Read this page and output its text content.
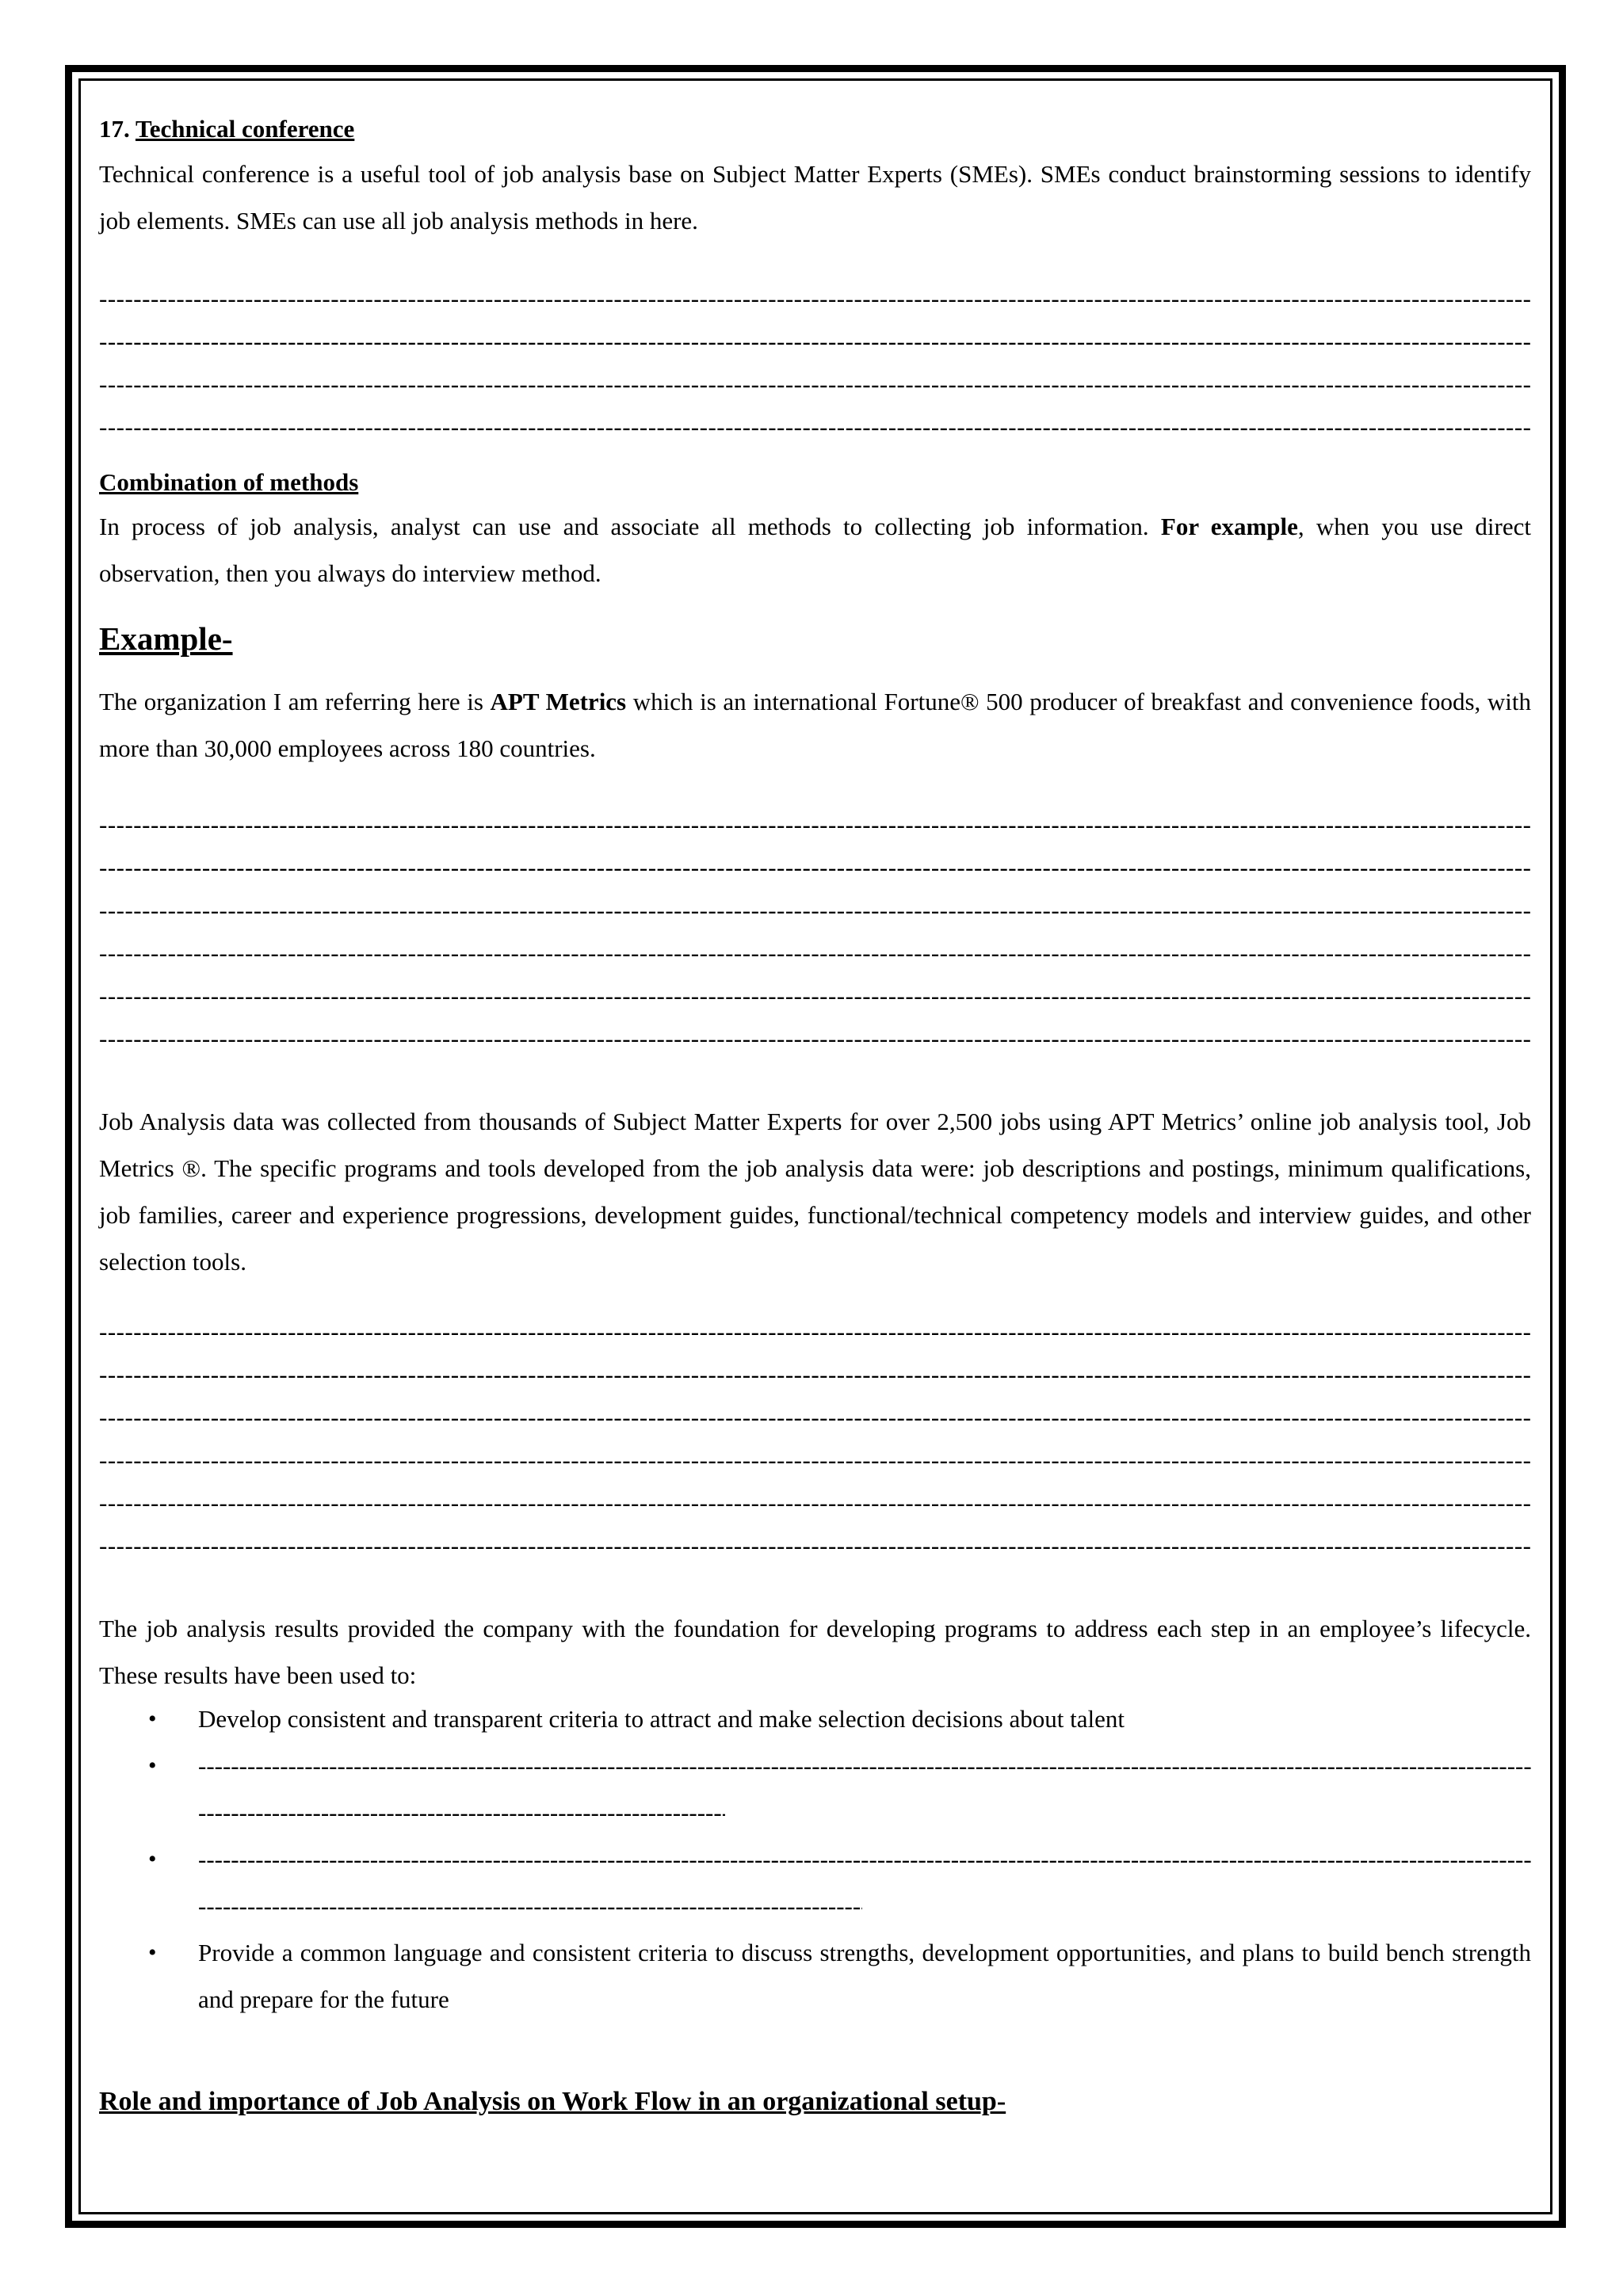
17. Technical conference

Technical conference is a useful tool of job analysis base on Subject Matter Experts (SMEs). SMEs conduct brainstorming sessions to identify job elements. SMEs can use all job analysis methods in here.

-----
-----
-----
-----
Combination of methods

In process of job analysis, analyst can use and associate all methods to collecting job information. For example, when you use direct observation, then you always do interview method.

Example-

The organization I am referring here is APT Metrics which is an international Fortune® 500 producer of breakfast and convenience foods, with more than 30,000 employees across 180 countries.

-----
-----
-----
-----
-----
-----

Job Analysis data was collected from thousands of Subject Matter Experts for over 2,500 jobs using APT Metrics’ online job analysis tool, Job Metrics ®. The specific programs and tools developed from the job analysis data were: job descriptions and postings, minimum qualifications, job families, career and experience progressions, development guides, functional/technical competency models and interview guides, and other selection tools.

-----
-----
-----
-----
-----
-----

The job analysis results provided the company with the foundation for developing programs to address each step in an employee’s lifecycle. These results have been used to:

• Develop consistent and transparent criteria to attract and make selection decisions about talent
•
-----
-----
•
-----
-----
• Provide a common language and consistent criteria to discuss strengths, development opportunities, and plans to build bench strength and prepare for the future
Role and importance of Job Analysis on Work Flow in an organizational setup-
